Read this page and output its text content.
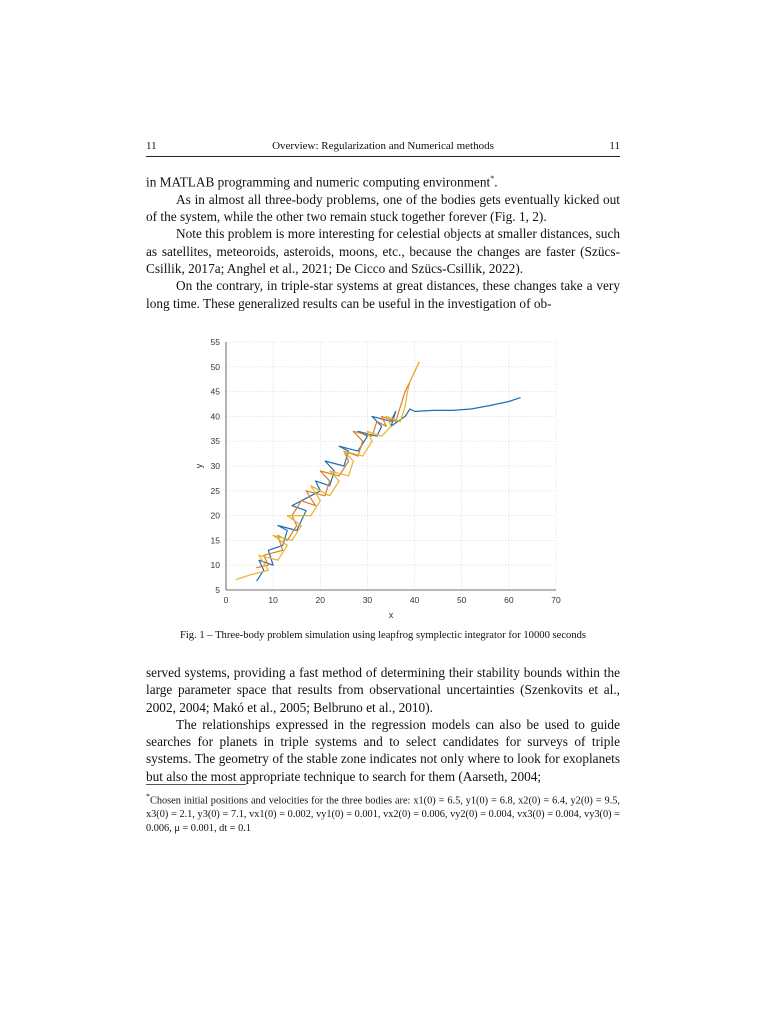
11	Overview: Regularization and Numerical methods	11

in MATLAB programming and numeric computing environment*.

As in almost all three-body problems, one of the bodies gets eventually kicked out of the system, while the other two remain stuck together forever (Fig. 1, 2).

Note this problem is more interesting for celestial objects at smaller distances, such as satellites, meteoroids, asteroids, moons, etc., because the changes are faster (Szücs-Csillik, 2017a; Anghel et al., 2021; De Cicco and Szücs-Csillik, 2022).

On the contrary, in triple-star systems at great distances, these changes take a very long time. These generalized results can be useful in the investigation of ob-

0	10	20	30	40	50	60	70
5
10
15
20
25
30
35
40
45
50
55
x
y
Fig. 1 – Three-body problem simulation using leapfrog symplectic integrator for 10000 seconds

served systems, providing a fast method of determining their stability bounds within the large parameter space that results from observational uncertainties (Szenkovits et al., 2002, 2004; Makó et al., 2005; Belbruno et al., 2010).

The relationships expressed in the regression models can also be used to guide searches for planets in triple systems and to select candidates for surveys of triple systems. The geometry of the stable zone indicates not only where to look for exoplanets but also the most appropriate technique to search for them (Aarseth, 2004;

*Chosen initial positions and velocities for the three bodies are: x1(0) = 6.5, y1(0) = 6.8, x2(0) = 6.4, y2(0) = 9.5, x3(0) = 2.1, y3(0) = 7.1, vx1(0) = 0.002, vy1(0) = 0.001, vx2(0) = 0.006, vy2(0) = 0.004, vx3(0) = 0.004, vy3(0) = 0.006, μ = 0.001, dt = 0.1
